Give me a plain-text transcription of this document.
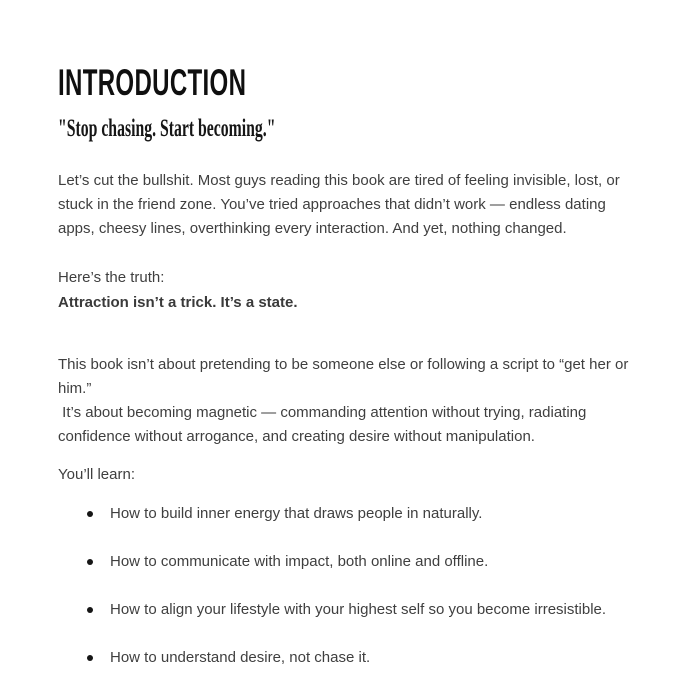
INTRODUCTION
"Stop chasing. Start becoming."
Let’s cut the bullshit. Most guys reading this book are tired of feeling invisible, lost, or
stuck in the friend zone. You’ve tried approaches that didn’t work — endless dating
apps, cheesy lines, overthinking every interaction. And yet, nothing changed.
Here’s the truth:
Attraction isn’t a trick. It’s a state.
This book isn’t about pretending to be someone else or following a script to “get her or
him.”
It’s about becoming magnetic — commanding attention without trying, radiating
confidence without arrogance, and creating desire without manipulation.
You’ll learn:
How to build inner energy that draws people in naturally.
How to communicate with impact, both online and offline.
How to align your lifestyle with your highest self so you become irresistible.
How to understand desire, not chase it.
